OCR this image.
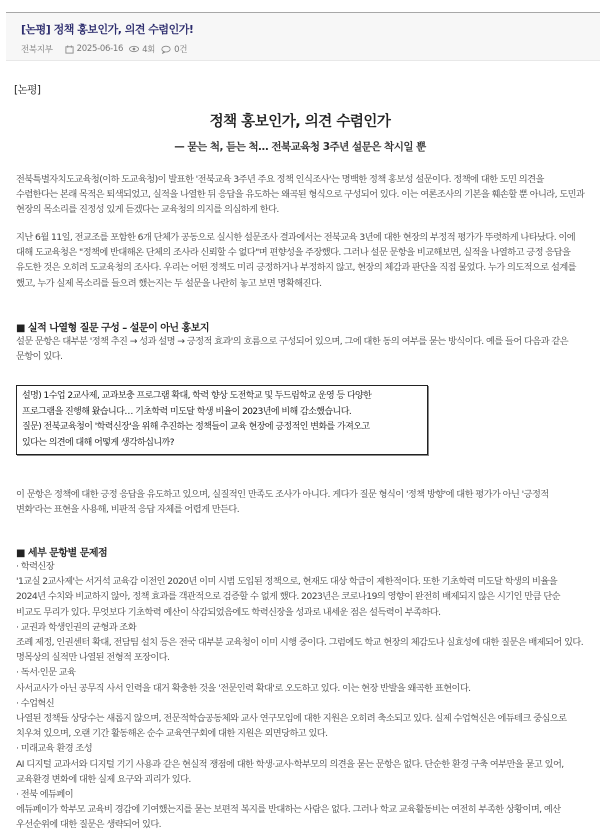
[논평] 정책 홍보인가, 의견 수렴인가!
전북지부	2025-06-16 4회 0건
[논평]
정책 홍보인가, 의견 수렴인가
— 묻는 척, 듣는 척… 전북교육청 3주년 설문은 착시일 뿐

전북특별자치도교육청(이하 도교육청)이 발표한 '전북교육 3주년 주요 정책 인식조사'는 명백한 정책 홍보성 설문이다. 정책에 대한 도민 의견을 수렴한다는 본래 목적은 퇴색되었고, 실적을 나열한 뒤 응답을 유도하는 왜곡된 형식으로 구성되어 있다. 이는 여론조사의 기본을 훼손할 뿐 아니라, 도민과 현장의 목소리를 진정성 있게 듣겠다는 교육청의 의지를 의심하게 한다.

지난 6월 11일, 전교조를 포함한 6개 단체가 공동으로 실시한 설문조사 결과에서는 전북교육 3년에 대한 현장의 부정적 평가가 뚜렷하게 나타났다. 이에 대해 도교육청은 "정책에 반대해온 단체의 조사라 신뢰할 수 없다"며 편향성을 주장했다. 그러나 설문 문항을 비교해보면, 실적을 나열하고 긍정 응답을 유도한 것은 오히려 도교육청의 조사다. 우리는 어떤 정책도 미리 긍정하거나 부정하지 않고, 현장의 체감과 판단을 직접 물었다. 누가 의도적으로 설계를 했고, 누가 실제 목소리를 들으려 했는지는 두 설문을 나란히 놓고 보면 명확해진다.

■ 실적 나열형 질문 구성 – 설문이 아닌 홍보지

설문 문항은 대부분 '정책 추진 → 성과 설명 → 긍정적 효과'의 흐름으로 구성되어 있으며, 그에 대한 동의 여부를 묻는 방식이다. 예를 들어 다음과 같은 문항이 있다.

설명) 1수업 2교사제, 교과보충 프로그램 확대, 학력 향상 도전학교 및 두드림학교 운영 등 다양한

프로그램을 진행해 왔습니다… 기초학력 미도달 학생 비율이 2023년에 비해 감소했습니다.

질문) 전북교육청이 '학력신장'을 위해 추진하는 정책들이 교육 현장에 긍정적인 변화를 가져오고

있다는 의견에 대해 어떻게 생각하십니까?

이 문항은 정책에 대한 긍정 응답을 유도하고 있으며, 실질적인 만족도 조사가 아니다. 게다가 질문 형식이 '정책 방향'에 대한 평가가 아닌 '긍정적 변화'라는 표현을 사용해, 비판적 응답 자체를 어렵게 만든다.

■ 세부 문항별 문제점

· 학력신장

'1교실 2교사제'는 서거석 교육감 이전인 2020년 이미 시범 도입된 정책으로, 현재도 대상 학급이 제한적이다. 또한 기초학력 미도달 학생의 비율을 2024년 수치와 비교하지 않아, 정책 효과를 객관적으로 검증할 수 없게 했다. 2023년은 코로나19의 영향이 완전히 배제되지 않은 시기인 만큼 단순 비교도 무리가 있다. 무엇보다 기초학력 예산이 삭감되었음에도 학력신장을 성과로 내세운 점은 설득력이 부족하다.

· 교권과 학생인권의 균형과 조화

조례 제정, 인권센터 확대, 전담팀 설치 등은 전국 대부분 교육청이 이미 시행 중이다. 그럼에도 학교 현장의 체감도나 실효성에 대한 질문은 배제되어 있다. 명목상의 실적만 나열된 전형적 포장이다.

· 독서·인문 교육

사서교사가 아닌 공무직 사서 인력을 대거 확충한 것을 '전문인력 확대'로 오도하고 있다. 이는 현장 반발을 왜곡한 표현이다.

· 수업혁신

나열된 정책들 상당수는 새롭지 않으며, 전문적학습공동체와 교사 연구모임에 대한 지원은 오히려 축소되고 있다. 실제 수업혁신은 에듀테크 중심으로 치우쳐 있으며, 오랜 기간 활동해온 순수 교육연구회에 대한 지원은 외면당하고 있다.

· 미래교육 환경 조성

AI 디지털 교과서와 디지털 기기 사용과 같은 현실적 쟁점에 대한 학생·교사·학부모의 의견을 묻는 문항은 없다. 단순한 환경 구축 여부만을 묻고 있어, 교육환경 변화에 대한 실제 요구와 괴리가 있다.

· 전북 에듀페이

에듀페이가 학부모 교육비 경감에 기여했는지를 묻는 보편적 복지를 반대하는 사람은 없다. 그러나 학교 교육활동비는 여전히 부족한 상황이며, 예산 우선순위에 대한 질문은 생략되어 있다.
